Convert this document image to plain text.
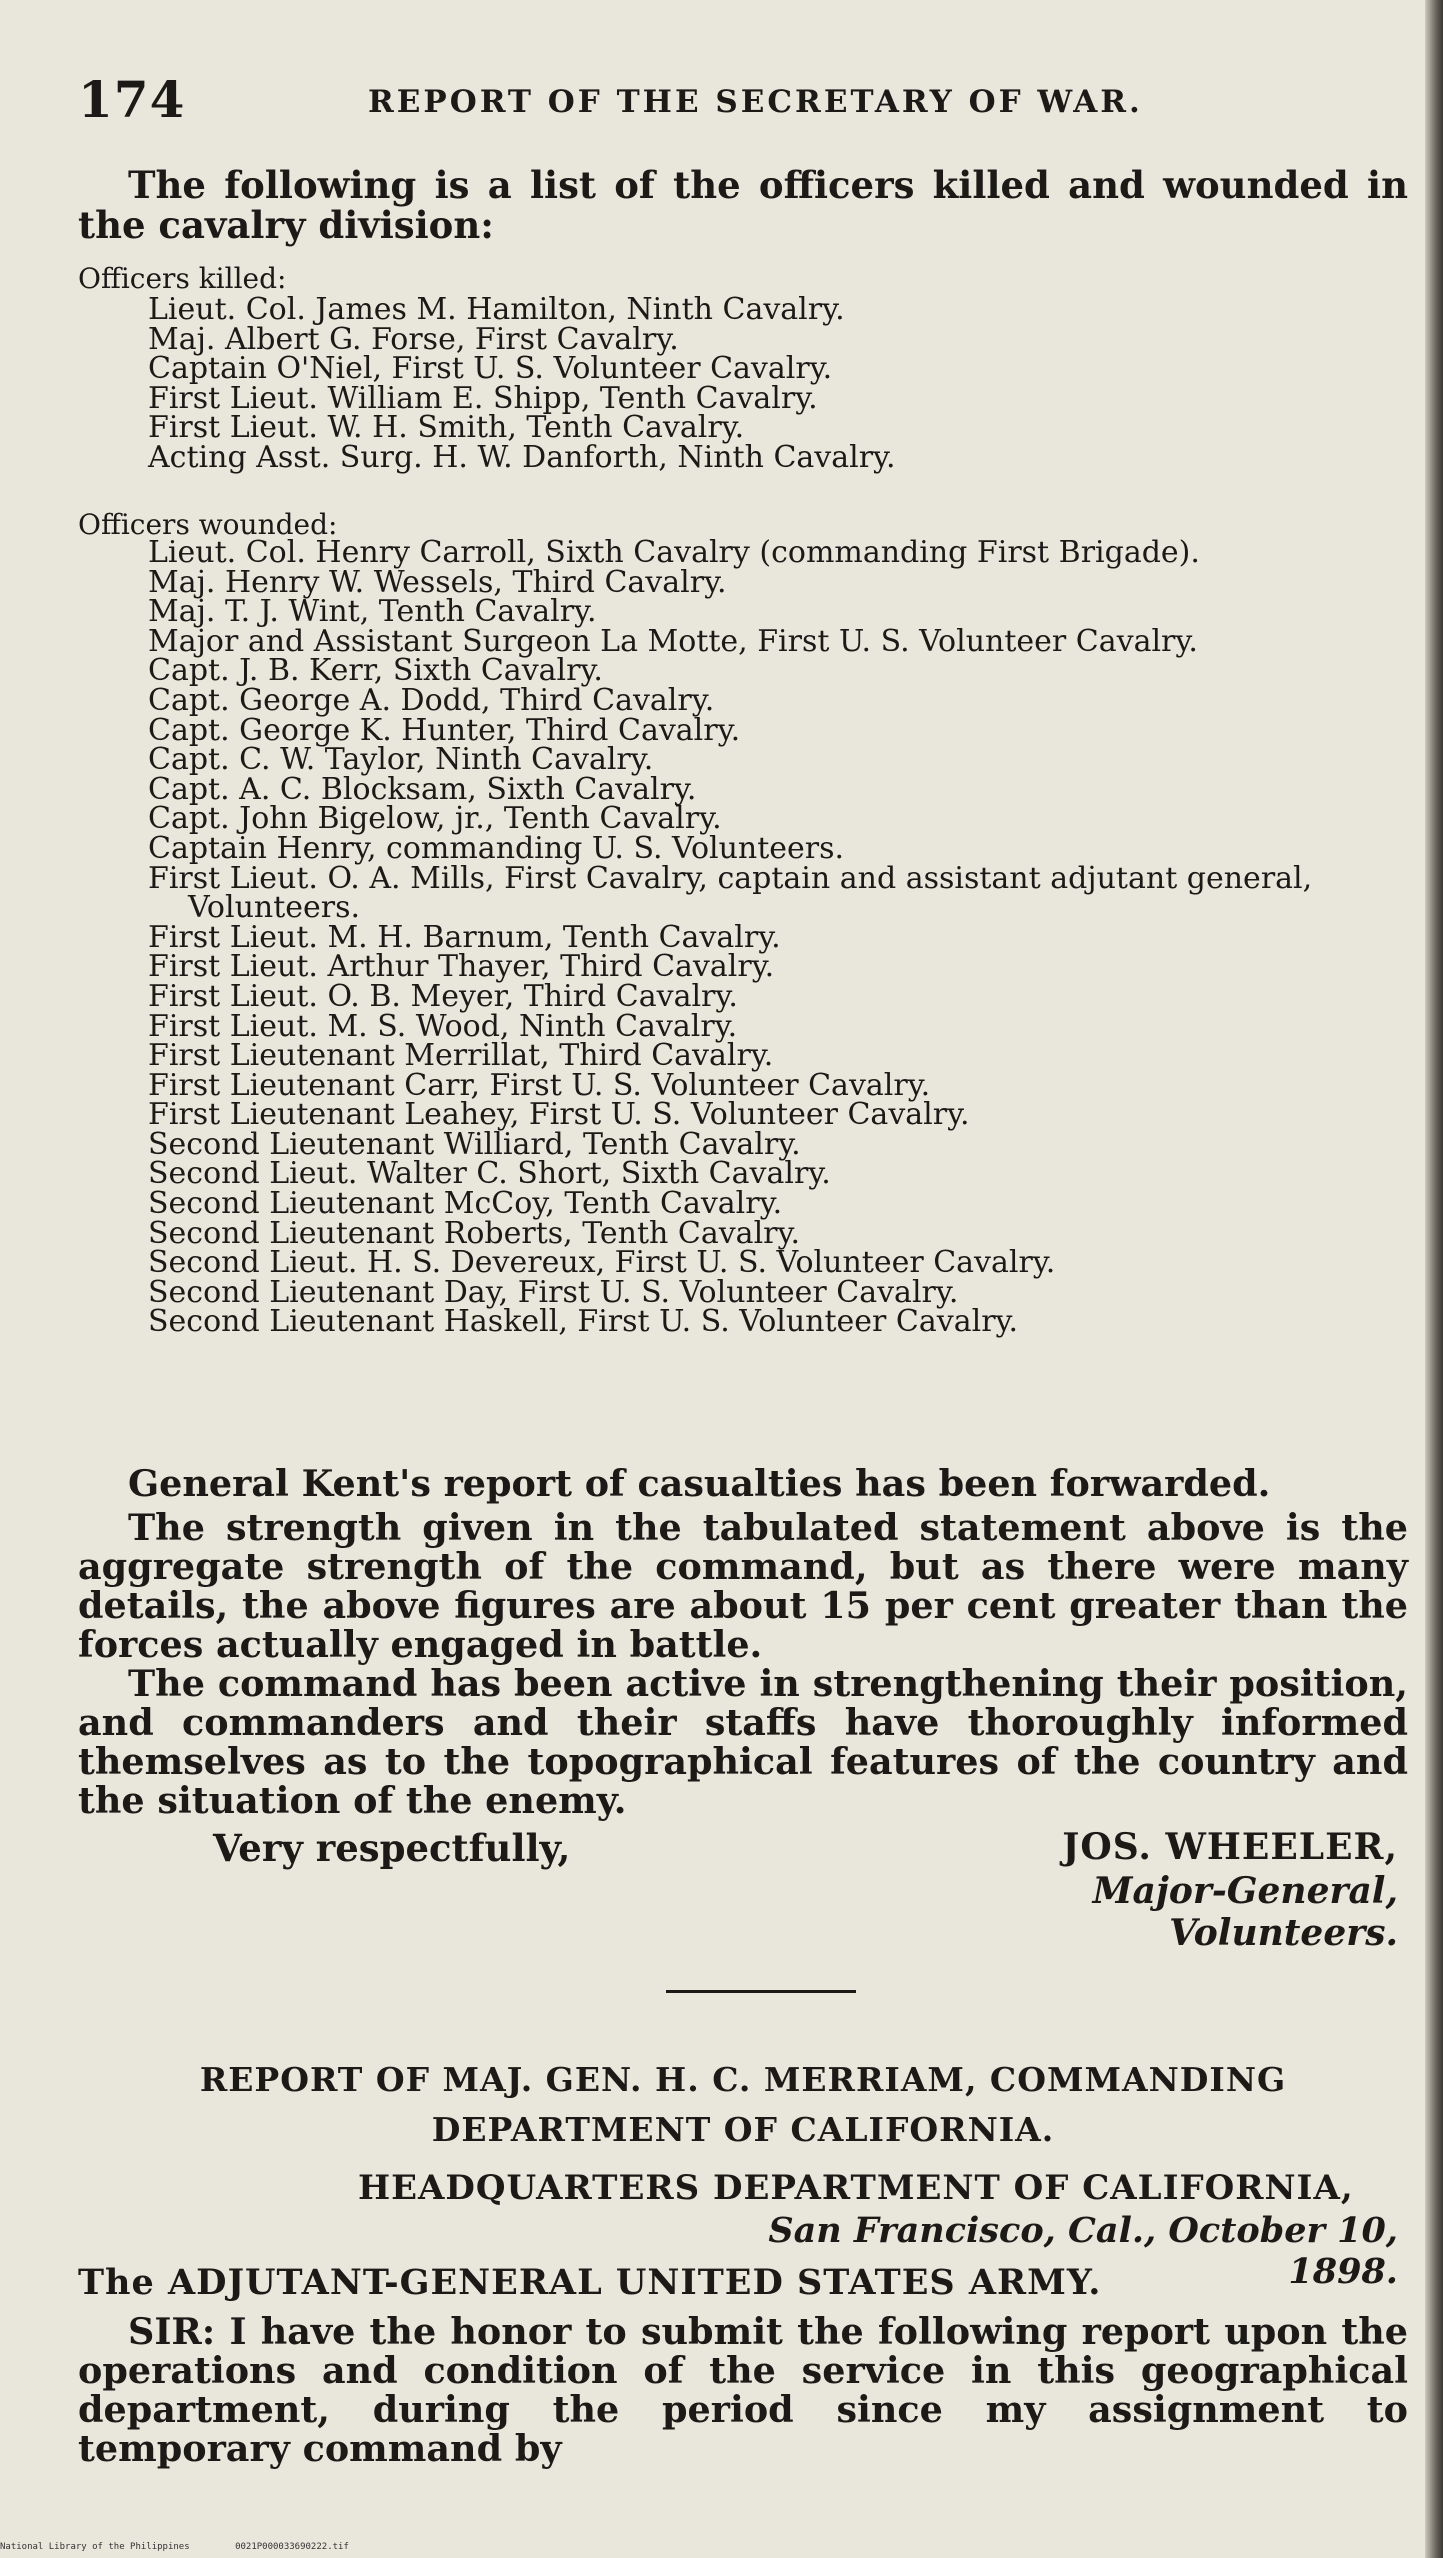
174	REPORT OF THE SECRETARY OF WAR.
The following is a list of the officers killed and wounded in the cavalry division:
Officers killed:
Lieut. Col. James M. Hamilton, Ninth Cavalry.
Maj. Albert G. Forse, First Cavalry.
Captain O'Niel, First U. S. Volunteer Cavalry.
First Lieut. William E. Shipp, Tenth Cavalry.
First Lieut. W. H. Smith, Tenth Cavalry.
Acting Asst. Surg. H. W. Danforth, Ninth Cavalry.
Officers wounded:
Lieut. Col. Henry Carroll, Sixth Cavalry (commanding First Brigade).
Maj. Henry W. Wessels, Third Cavalry.
Maj. T. J. Wint, Tenth Cavalry.
Major and Assistant Surgeon La Motte, First U. S. Volunteer Cavalry.
Capt. J. B. Kerr, Sixth Cavalry.
Capt. George A. Dodd, Third Cavalry.
Capt. George K. Hunter, Third Cavalry.
Capt. C. W. Taylor, Ninth Cavalry.
Capt. A. C. Blocksam, Sixth Cavalry.
Capt. John Bigelow, jr., Tenth Cavalry.
Captain Henry, commanding U. S. Volunteers.
First Lieut. O. A. Mills, First Cavalry, captain and assistant adjutant general, Volunteers.
First Lieut. M. H. Barnum, Tenth Cavalry.
First Lieut. Arthur Thayer, Third Cavalry.
First Lieut. O. B. Meyer, Third Cavalry.
First Lieut. M. S. Wood, Ninth Cavalry.
First Lieutenant Merrillat, Third Cavalry.
First Lieutenant Carr, First U. S. Volunteer Cavalry.
First Lieutenant Leahey, First U. S. Volunteer Cavalry.
Second Lieutenant Williard, Tenth Cavalry.
Second Lieut. Walter C. Short, Sixth Cavalry.
Second Lieutenant McCoy, Tenth Cavalry.
Second Lieutenant Roberts, Tenth Cavalry.
Second Lieut. H. S. Devereux, First U. S. Volunteer Cavalry.
Second Lieutenant Day, First U. S. Volunteer Cavalry.
Second Lieutenant Haskell, First U. S. Volunteer Cavalry.
General Kent's report of casualties has been forwarded.
The strength given in the tabulated statement above is the aggregate strength of the command, but as there were many details, the above figures are about 15 per cent greater than the forces actually engaged in battle.
The command has been active in strengthening their position, and commanders and their staffs have thoroughly informed themselves as to the topographical features of the country and the situation of the enemy.
Very respectfully,	JOS. WHEELER,
Major-General, Volunteers.
REPORT OF MAJ. GEN. H. C. MERRIAM, COMMANDING DEPARTMENT OF CALIFORNIA.
HEADQUARTERS DEPARTMENT OF CALIFORNIA,
San Francisco, Cal., October 10, 1898.
The ADJUTANT-GENERAL UNITED STATES ARMY.
SIR: I have the honor to submit the following report upon the operations and condition of the service in this geographical department, during the period since my assignment to temporary command by
National Library of the Philippines	0021P000033690222.tif
